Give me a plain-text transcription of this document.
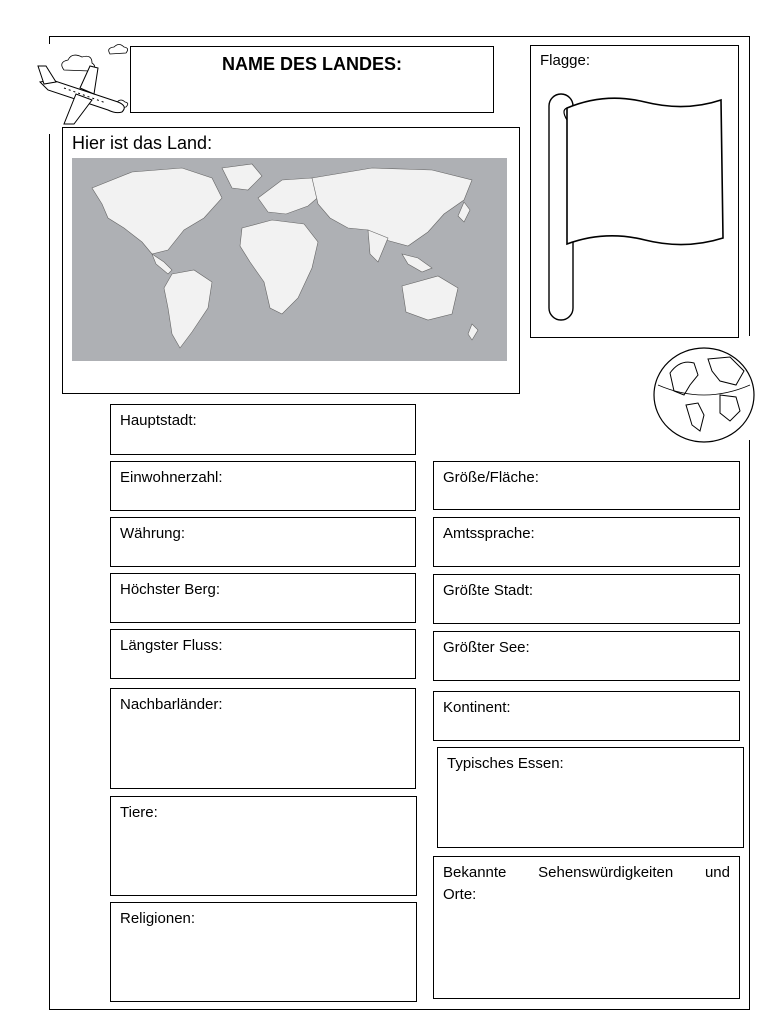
NAME DES LANDES:	Flagge:
Hier ist das Land:
Hauptstadt:
Einwohnerzahl:
Währung:
Höchster Berg:
Längster Fluss:
Nachbarländer:
Tiere:
Religionen:
Größe/Fläche:
Amtssprache:
Größte Stadt:
Größter See:
Kontinent:
Typisches Essen:
Bekannte Sehenswürdigkeiten und
Orte:
